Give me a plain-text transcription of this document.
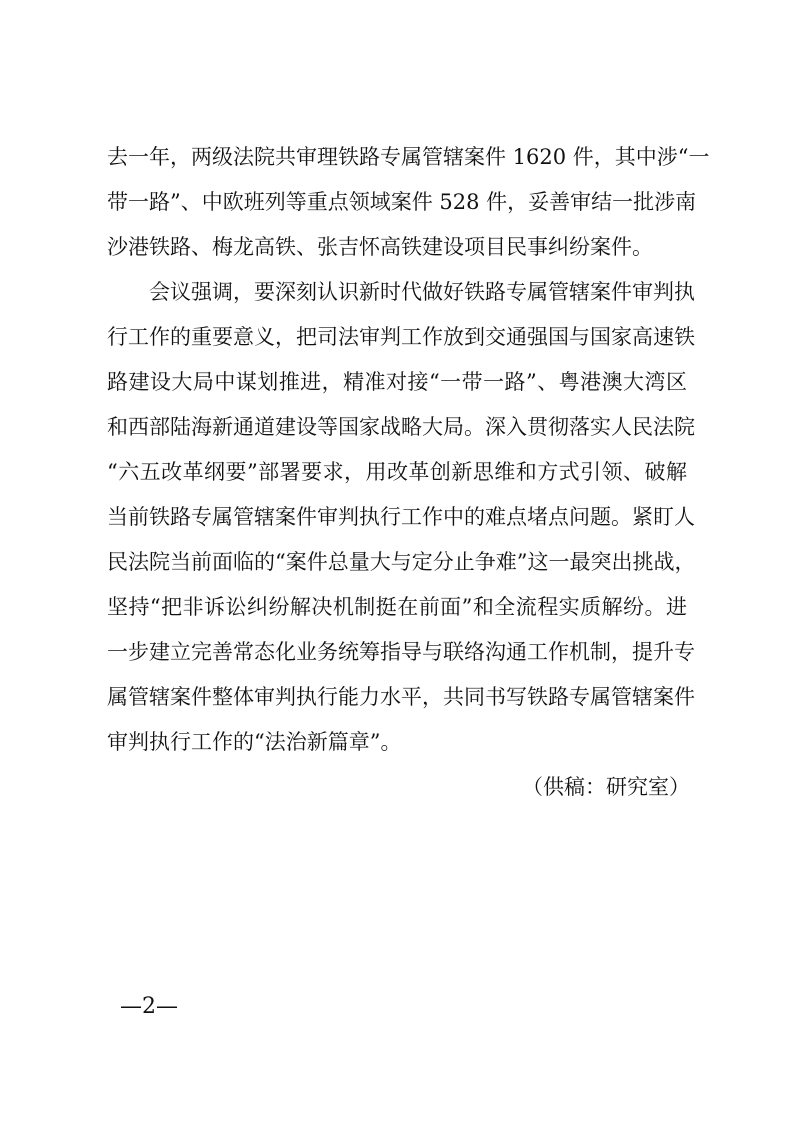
去一年，两级法院共审理铁路专属管辖案件 1620 件，其中涉“一
带一路”、中欧班列等重点领域案件 528 件，妥善审结一批涉南
沙港铁路、梅龙高铁、张吉怀高铁建设项目民事纠纷案件。
　　会议强调，要深刻认识新时代做好铁路专属管辖案件审判执
行工作的重要意义，把司法审判工作放到交通强国与国家高速铁
路建设大局中谋划推进，精准对接“一带一路”、粤港澳大湾区
和西部陆海新通道建设等国家战略大局。深入贯彻落实人民法院
“六五改革纲要”部署要求，用改革创新思维和方式引领、破解
当前铁路专属管辖案件审判执行工作中的难点堵点问题。紧盯人
民法院当前面临的“案件总量大与定分止争难”这一最突出挑战，
坚持“把非诉讼纠纷解决机制挺在前面”和全流程实质解纷。进
一步建立完善常态化业务统筹指导与联络沟通工作机制，提升专
属管辖案件整体审判执行能力水平，共同书写铁路专属管辖案件
审判执行工作的“法治新篇章”。
（供稿：研究室）
—2—
